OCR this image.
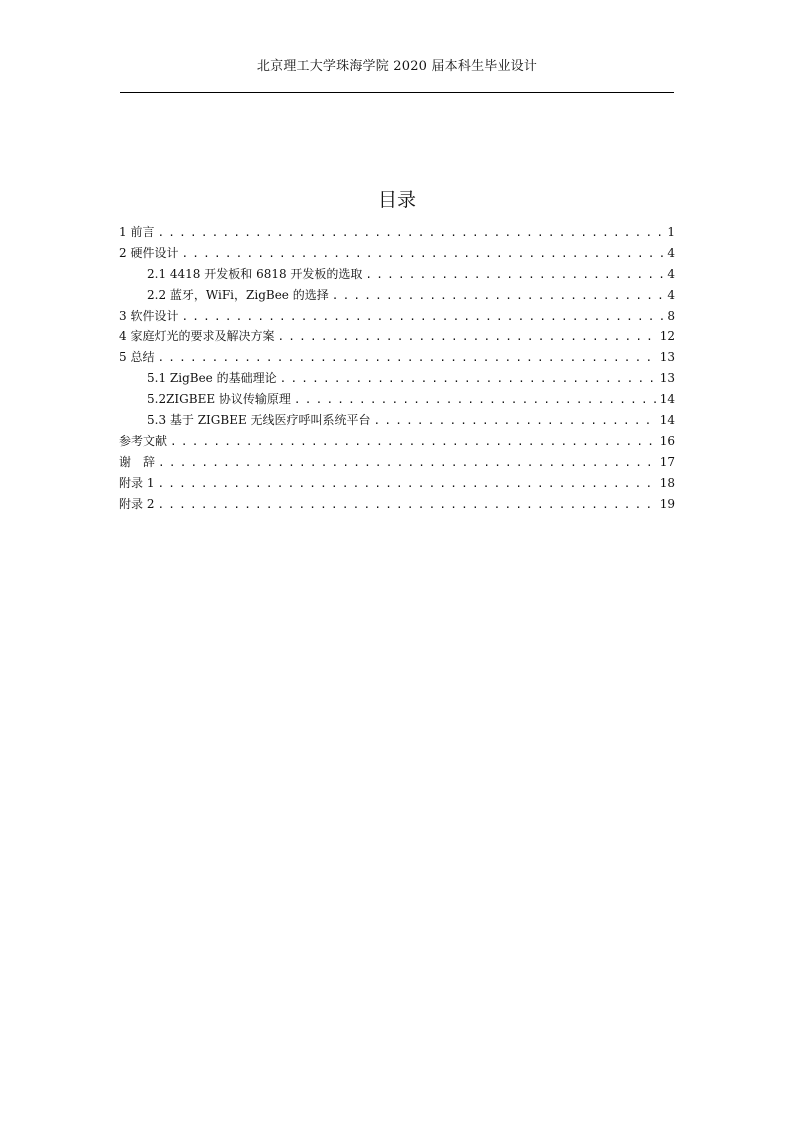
北京理工大学珠海学院 2020 届本科生毕业设计
目录
1 前言 . . .	1
2 硬件设计 . . .	4
2.1 4418 开发板和 6818 开发板的选取 . . .	4
2.2 蓝牙，WiFi，ZigBee 的选择 . . .	4
3 软件设计 . . .	8
4 家庭灯光的要求及解决方案 . . .	12
5 总结 . . .	13
5.1 ZigBee 的基础理论 . . .	13
5.2ZIGBEE 协议传输原理 . . .	14
5.3 基于 ZIGBEE 无线医疗呼叫系统平台 . . .	14
参考文献 . . .	16
谢　辞 . . .	17
附录 1 . . .	18
附录 2 . . .	19
